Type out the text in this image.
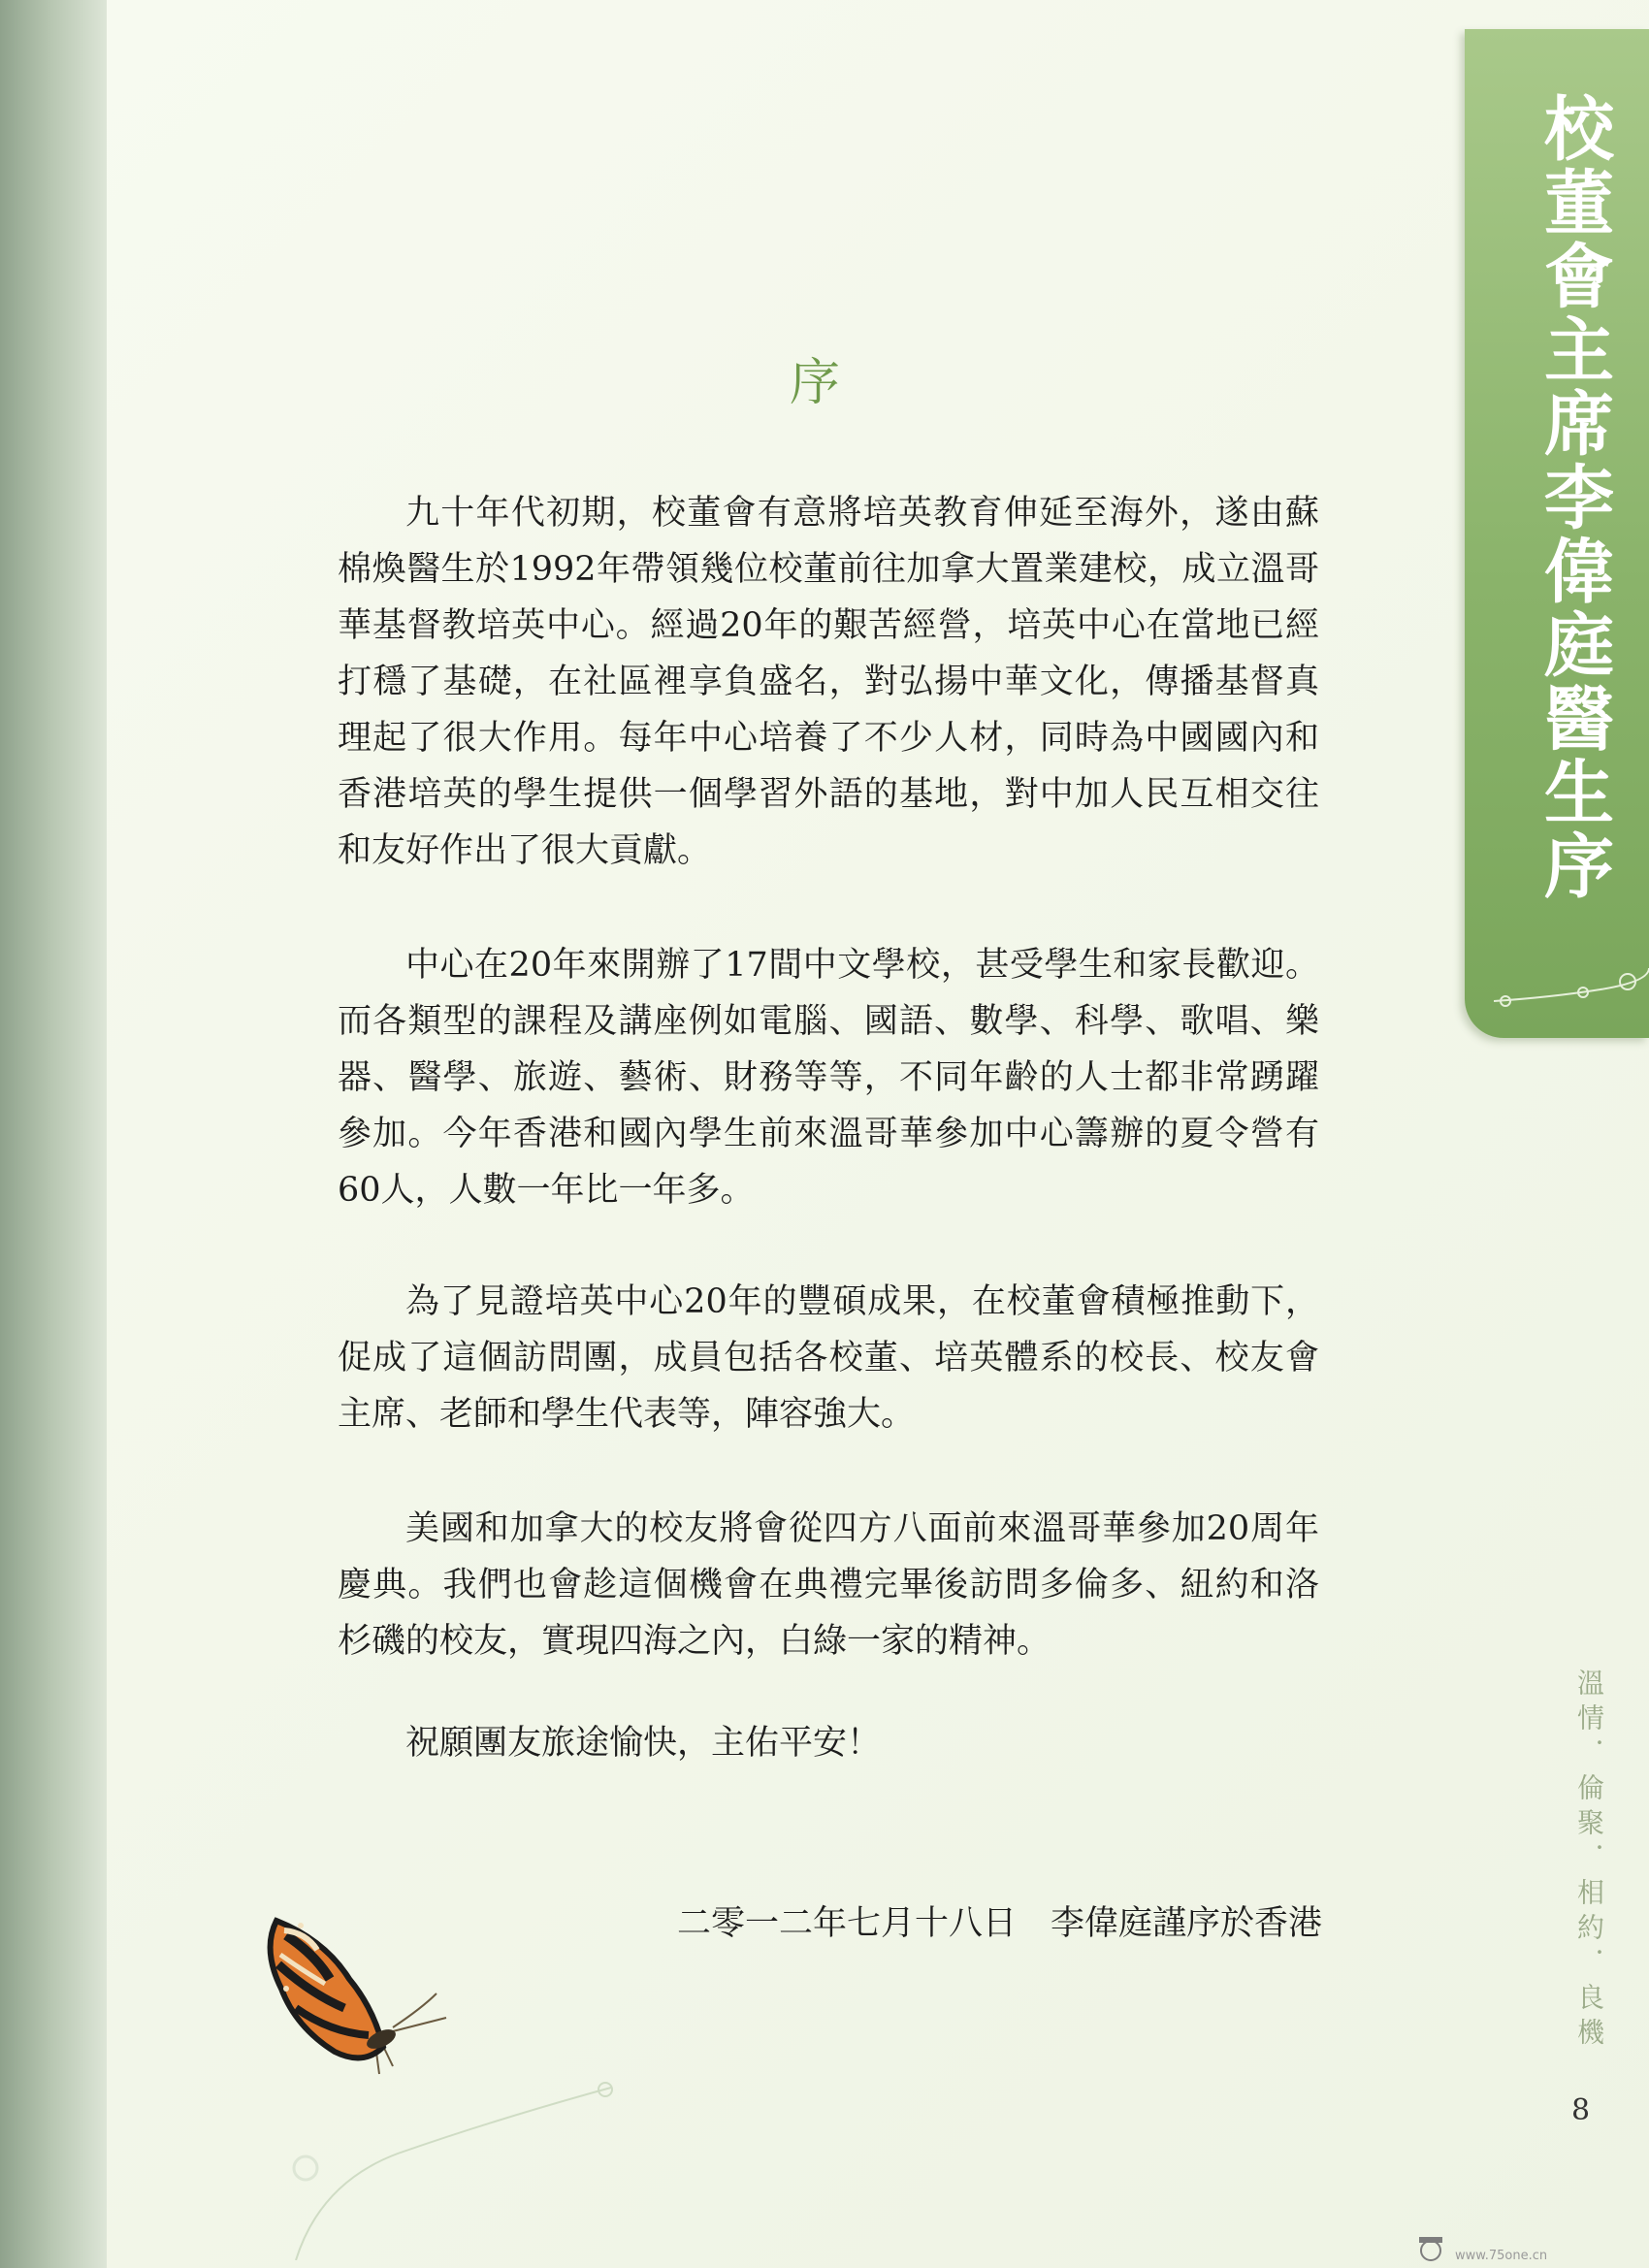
校董會主席李偉庭醫生序
序

九十年代初期，校董會有意將培英教育伸延至海外，遂由蘇棉煥醫生於1992年帶領幾位校董前往加拿大置業建校，成立溫哥華基督教培英中心。經過20年的艱苦經營，培英中心在當地已經打穩了基礎，在社區裡享負盛名，對弘揚中華文化，傳播基督真理起了很大作用。每年中心培養了不少人材，同時為中國國內和香港培英的學生提供一個學習外語的基地，對中加人民互相交往和友好作出了很大貢獻。

中心在20年來開辦了17間中文學校，甚受學生和家長歡迎。而各類型的課程及講座例如電腦、國語、數學、科學、歌唱、樂器、醫學、旅遊、藝術、財務等等，不同年齡的人士都非常踴躍參加。今年香港和國內學生前來溫哥華參加中心籌辦的夏令營有60人，人數一年比一年多。

為了見證培英中心20年的豐碩成果，在校董會積極推動下，促成了這個訪問團，成員包括各校董、培英體系的校長、校友會主席、老師和學生代表等，陣容強大。

美國和加拿大的校友將會從四方八面前來溫哥華參加20周年慶典。我們也會趁這個機會在典禮完畢後訪問多倫多、紐約和洛杉磯的校友，實現四海之內，白綠一家的精神。

祝願團友旅途愉快，主佑平安！

二零一二年七月十八日　李偉庭謹序於香港	溫情．倫聚．相約．良機
8
www.75one.cn
